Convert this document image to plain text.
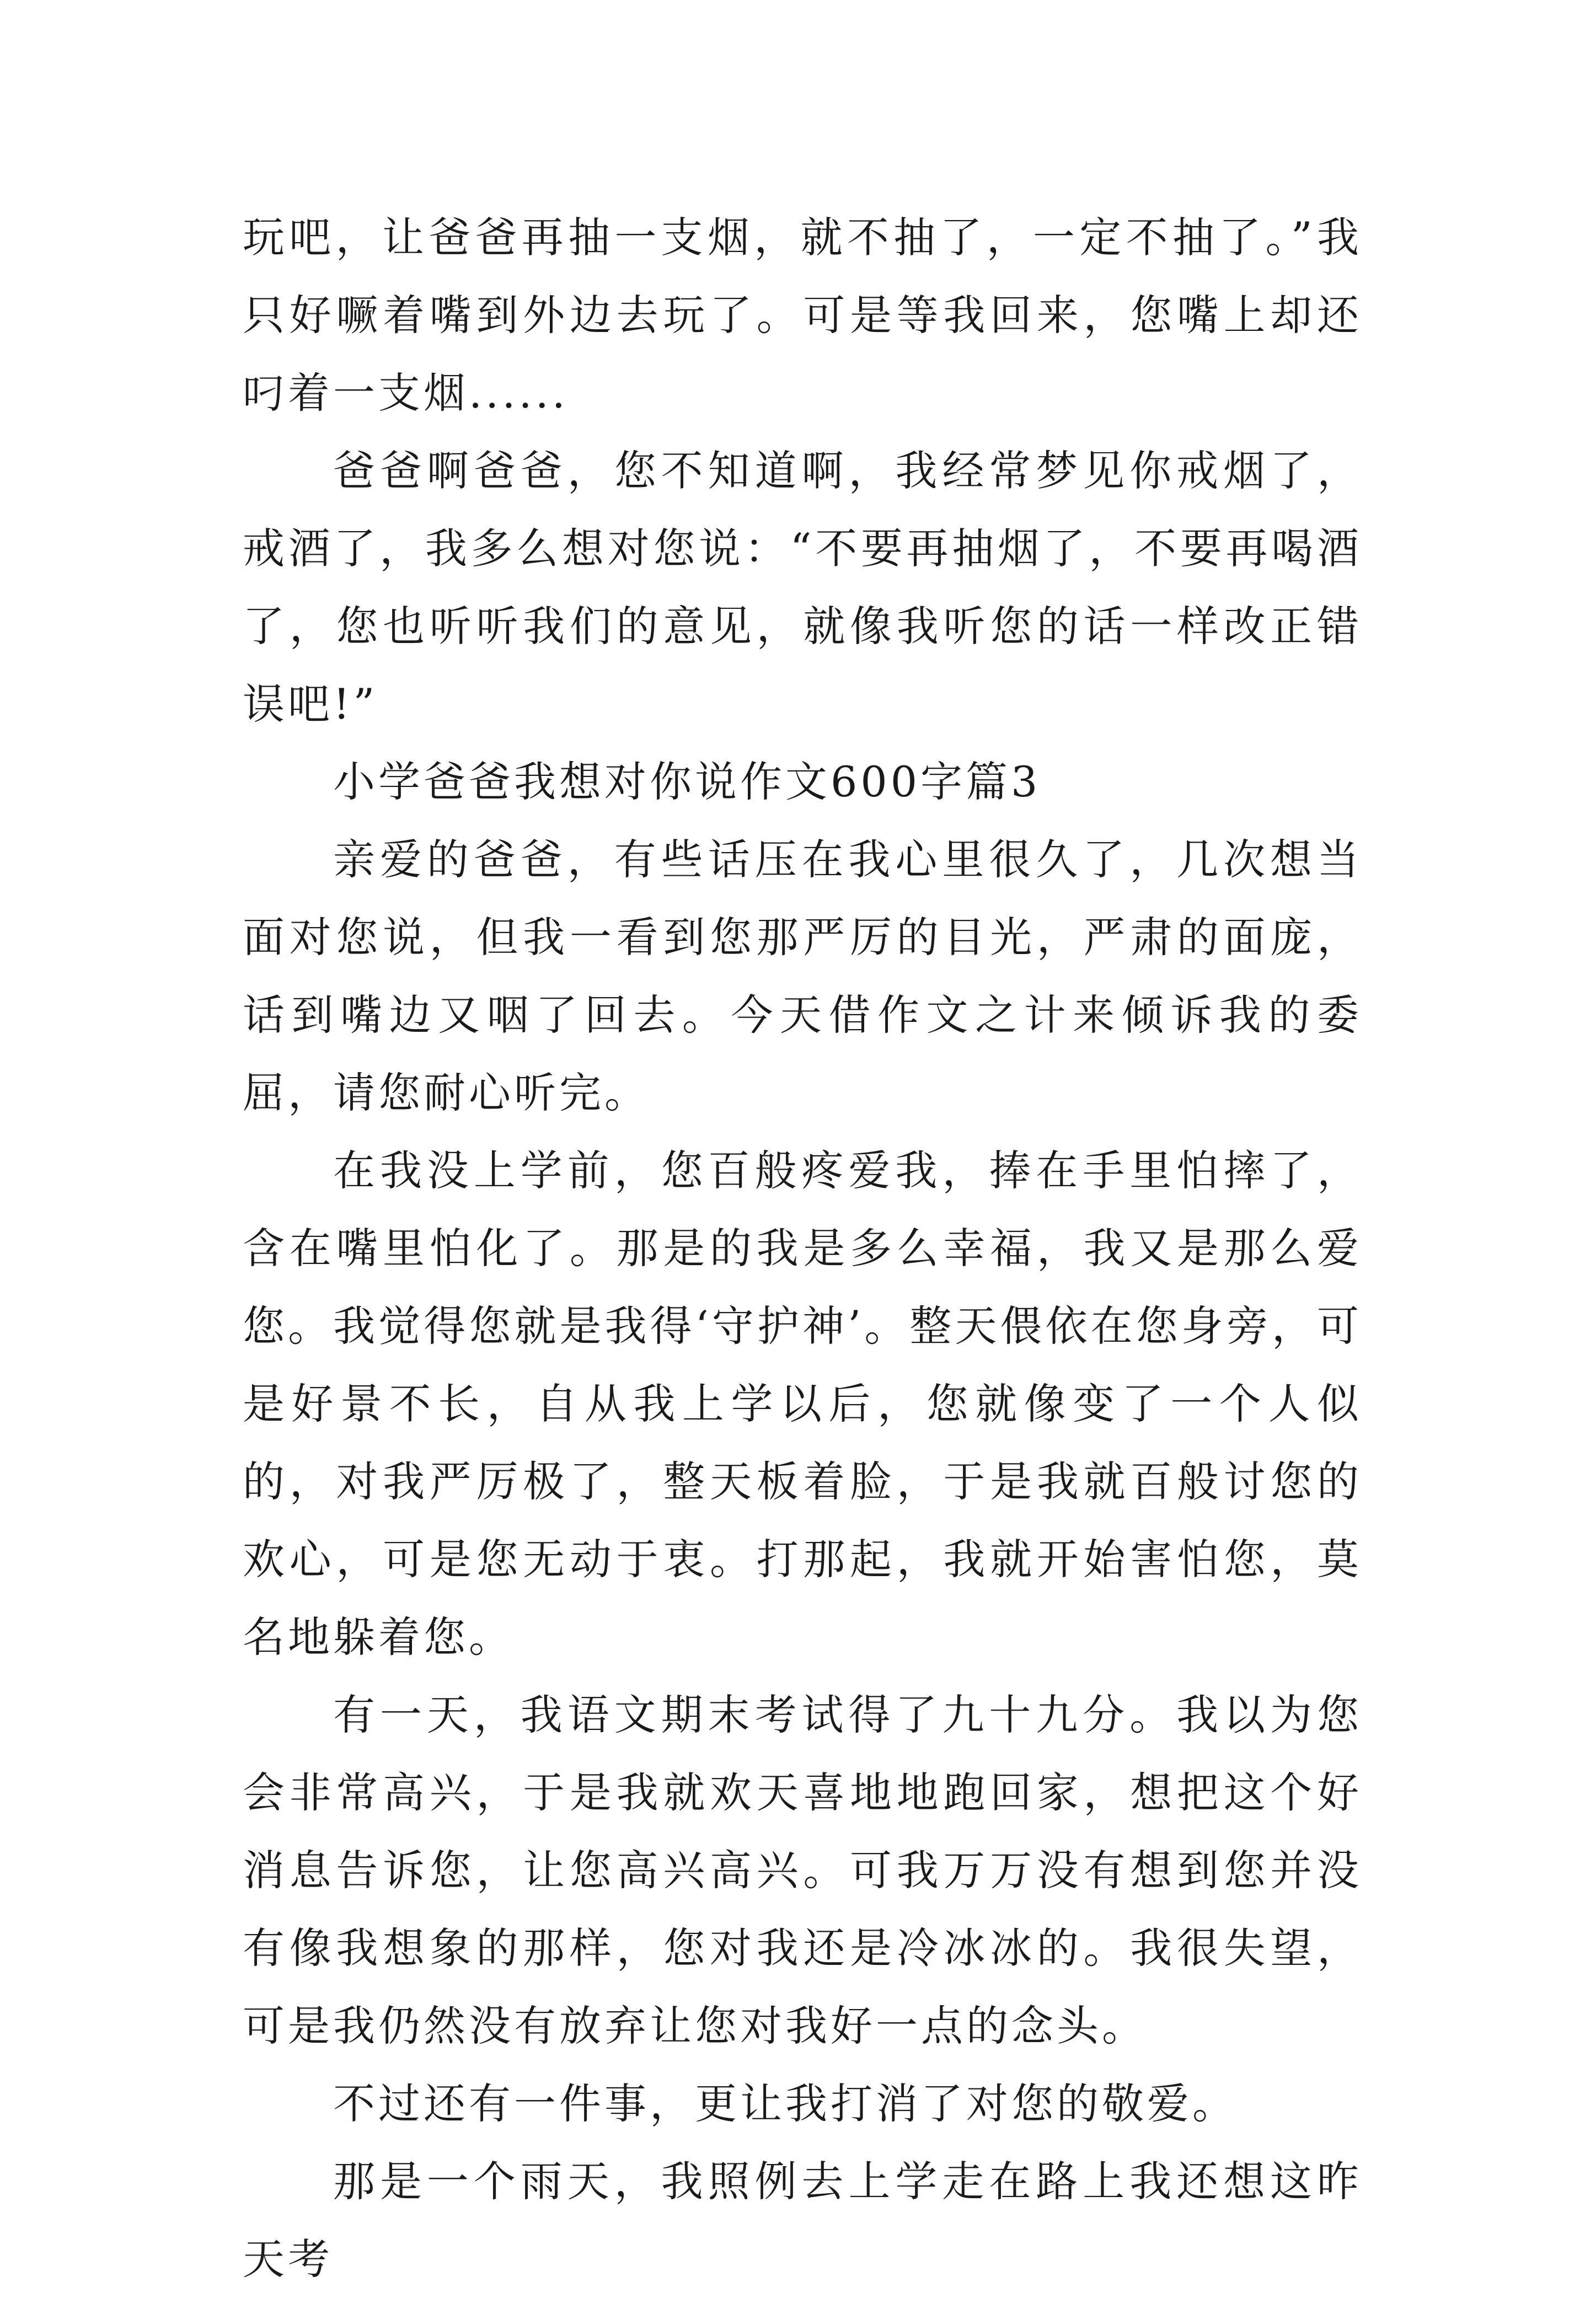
玩吧，让爸爸再抽一支烟，就不抽了，一定不抽了。”我只好噘着嘴到外边去玩了。可是等我回来，您嘴上却还叼着一支烟......

爸爸啊爸爸，您不知道啊，我经常梦见你戒烟了，戒酒了，我多么想对您说：“不要再抽烟了，不要再喝酒了，您也听听我们的意见，就像我听您的话一样改正错误吧!”

小学爸爸我想对你说作文600字篇3

亲爱的爸爸，有些话压在我心里很久了，几次想当面对您说，但我一看到您那严厉的目光，严肃的面庞，话到嘴边又咽了回去。今天借作文之计来倾诉我的委屈，请您耐心听完。

在我没上学前，您百般疼爱我，捧在手里怕摔了，含在嘴里怕化了。那是的我是多么幸福，我又是那么爱您。我觉得您就是我得‘守护神’。整天偎依在您身旁，可是好景不长，自从我上学以后，您就像变了一个人似的，对我严厉极了，整天板着脸，于是我就百般讨您的欢心，可是您无动于衷。打那起，我就开始害怕您，莫名地躲着您。

有一天，我语文期末考试得了九十九分。我以为您会非常高兴，于是我就欢天喜地地跑回家，想把这个好消息告诉您，让您高兴高兴。可我万万没有想到您并没有像我想象的那样，您对我还是冷冰冰的。我很失望，可是我仍然没有放弃让您对我好一点的念头。

不过还有一件事，更让我打消了对您的敬爱。

那是一个雨天，我照例去上学走在路上我还想这昨天考
